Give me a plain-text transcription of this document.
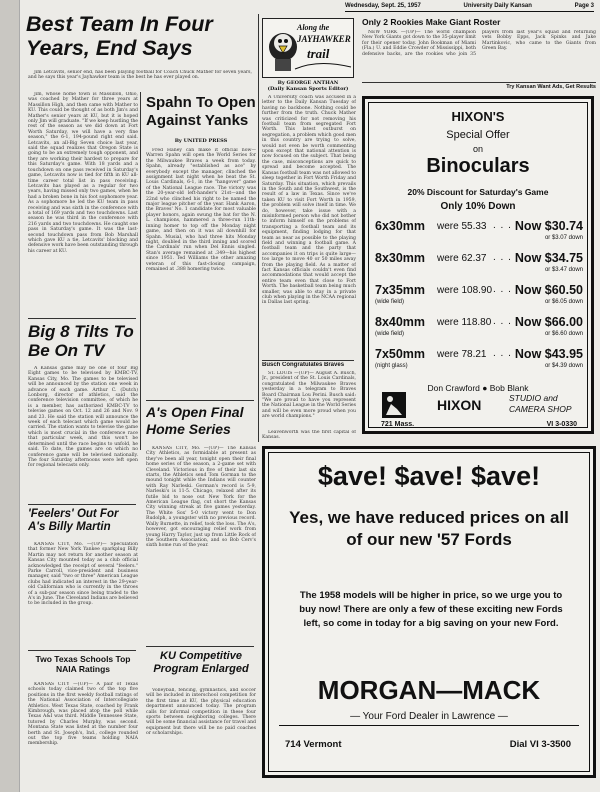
Wednesday, Sept. 25, 1957	University Daily Kansan	Page 3
Best Team In Four Years, End Says

Jim Letcavits, senior end, has been playing football for Coach Chuck Mather for seven years, and he says this year's Jayhawker team is the best he has ever played on.

Jim, whose home town is Massillon, Ohio, was coached by Mather for three years at Massillon High, and then came with Mather to KU. This could be thought of as both Jim's and Mather's senior years at KU, but it is hoped only Jim will graduate. "If we keep hustling the rest of the season as we did down at Fort Worth Saturday, we will have a very fine season," the 6-1, 194-pound right end said. Letcavits, an all-Big Seven choice last year, said the squad realizes that Oregon State is going to be an extremely tough opponent, and they are working their hardest to prepare for this Saturday's game. With 18 yards and a touchdown on one pass received in Saturday's game, Letcavits now is tied for fifth in KU all-time career total list in pass receiving. Letcavits has played as a regular for two years, having missed only two games, when he had a broken bone in his foot sophomore year. As a sophomore he led the KU team in pass receiving and was sixth in the conference with a total of 169 yards and two touchdowns. Last season he was third in the conference with 216 yards and two touchdowns. He caught one pass in Saturday's game. It was the last-second touchdown pass from Bob Marshall which gave KU a tie, Letcavits' blocking and defensive work have been outstanding through his career at KU.

Big 8 Tilts To Be On TV

A Kansas game may be one of four Big Eight games to be televised by KMBC-TV, Kansas City, Mo. The games to be televised will be announced by the station one week in advance of each game. Arthur C. (Dutch) Lonborg, director of athletics, said the conference television committee, of which he is a member, has authorized KMBC-TV to televise games on Oct. 12 and 26 and Nov. 9 and 23. He said the station will announce the week of each telecast which game would be carried. The station wants to televise the game which is most crucial in the conference race that particular week, and this won't be determined until the race begins to unfold, he said. To date, the games are on which no conference game will be televised nationally. The four Saturday afternoons were left open for regional telecasts only.

'Feelers' Out For A's Billy Martin

KANSAS CITY, Mo. —(UP)— Speculation that former New York Yankee sparkplug Billy Martin may not return for another season at Kansas City mounted today as a club official acknowledged the receipt of several "feelers." Parke Carroll, vice-president and business manager, said "two or three" American League clubs had indicated an interest in the 29-year-old Californian who is currently in the throes of a sub-par season since being traded to the A's in June. The Cleveland Indians are believed to be included in the group.

Two Texas Schools Top NAIA Ratings

KANSAS CITY —(UP)— A pair of Texas schools today claimed two of the top five positions in the first weekly football ratings of the National Association of Intercollegiate Athletics. West Texas State, coached by Frank Kimbrough, was placed atop the poll while Texas A&I was third. Middle Tennessee State, tutored by Charles Murphy, was second. Montana State was listed at the number four berth and St. Joseph's, Ind., college rounded out the top five teams holding NAIA membership.

Spahn To Open Against Yanks
By UNITED PRESS

Fred Haney can make it official now—Warren Spahn will open the World Series for the Milwaukee Braves a week from today. Spahn, already "established as ace" by everybody except the manager, clinched the assignment last night when he beat the St. Louis Cardinals, 6-1, in the "hangover" game of the National League race. The victory was the 20-year-old left-hander's 21st—and the 22nd who clinched his right to be named the major league pitcher of the year. Hank Aaron, the Braves' No. 1 candidate for most valuable player honors, again swung the bat for the N. L. champions, hammered a three-run 11th-inning homer to top off the Monday night game, and then on it was all downhill for Spahn. Musial, who had three hits Monday night, doubled in the third inning and scored the Cardinals' run when Del Ennis singled. Stan's average remained at .349—his highest since 1951. Ted Williams the other amazing veteran of this fast-closing campaign, remained at .388 homering twice.

A's Open Final Home Series

KANSAS CITY, Mo. —(UP)— The Kansas City Athletics, as formidable at present as they've been all year, tonight open their final home series of the season, a 2-game set with Cleveland. Victorious in five of their last six starts, the Athletics send Tom Gorman to the mound tonight while the Indians will counter with Ray Narleski. Gorman's record is 5-9, Narleski's is 11-5. Chicago, relaxed after its futile bid to nose out New York for the American League flag, cut short the Kansas City winning streak at five games yesterday. The White Sox' 5-0 victory went to Don Rudolph, a youngster with no previous record. Wally Burnette, in relief, took the loss. The A's, however, got encouraging relief work from young Harry Taylor, just up from Little Rock of the Southern Association, and so Bob Cerv's sixth home run of the year.

KU Competitive Program Enlarged

Volleyball, fencing, gymnastics, and soccer will be included in interschool competition for the first time at KU, the physical education department announced today. The program calls for informal competition in these four sports between neighboring colleges. There will be some financial assistance for travel and equipment but there will be no paid coaches or scholarships.

Along the
JAYHAWKER
trail
By GEORGE ANTHAN
(Daily Kansan Sports Editor)

A University coach was accused in a letter to the Daily Kansan Tuesday of having no backbone. Nothing could be further from the truth. Chuck Mather was criticized for not removing his football team from segregated Fort Worth. This latest outburst on segregation, a problem which good men in this country are trying to solve, would not even be worth commenting upon except that national attention is now focused on the subject. That being the case, misconceptions are quick to spread and become accepted. The Kansas football team was not allowed to sleep together in Fort Worth Friday and Saturday. This situation, which prevails in the South and the Southwest, is the result of a law in Texas. Since we've taken KU to visit Fort Worth in 1959, the problem will solve itself in time. We do, however, take issue with a misinformed person who did not bother to inform himself on the problems of transporting a football team and its equipment, finding lodging for that team as near as possible to the playing field and winning a football game. A football team and the party that accompanies it on trips is quite large—too large to move 40 or 50 miles away from the playing field. As a matter of fact Kansas officials couldn't even find accommodations that would accept the entire team even that close to Fort Worth. The basketball team being much smaller, was able to stay in a private club when playing in the NCAA regional in Dallas last spring.

Busch Congratulates Braves

ST. LOUIS —(UP)— August A. Busch, Jr., president of the St. Louis Cardinals, congratulated the Milwaukee Braves yesterday in a telegram to Braves Board Chairman Lou Perini. Busch said: "We are proud to have you represent the National League in the World Series and will be even more proud when you are world champions."

Leavenworth was the first capital of Kansas.

Only 2 Rookies Make Giant Roster

NEW YORK —(UP)— The world champion New York Giants got down to the 35-player limit for their opener today. John Bookman of Miami (Fla.) U. and Eddie Crowder of Mississippi, both defensive backs, are the rookies who join 35 players from last year's squad and returning vets Bobby Epps, Jack Spinks and Jake Martinkovic, who came to the Giants from Green Bay.

Try Kansan Want Ads, Get Results
HIXON'S
Special Offer
on
Binoculars
20% Discount for Saturday's Game
Only 10% Down
6x30mm were 55.33 . . . Now $30.74
or $3.07 down
8x30mm were 62.37 . . . Now $34.75
or $3.47 down
7x35mm were 108.90 . . . Now $60.50
(wide field)	or $6.05 down
8x40mm were 118.80 . . . Now $66.00
(wide field)	or $6.60 down
7x50mm were 78.21 . . . Now $43.95
(night glass)	or $4.39 down
Don Crawford ● Bob Blank
HIXON	STUDIO and
CAMERA SHOP
721 Mass.	VI 3-0330
$ave! $ave! $ave!
Yes, we have reduced prices on all of our new '57 Fords
The 1958 models will be higher in price, so we urge you to buy now! There are only a few of these exciting new Fords left, so come in today for a big saving on your new Ford.
MORGAN—MACK
— Your Ford Dealer in Lawrence —
714 Vermont	Dial VI 3-3500
